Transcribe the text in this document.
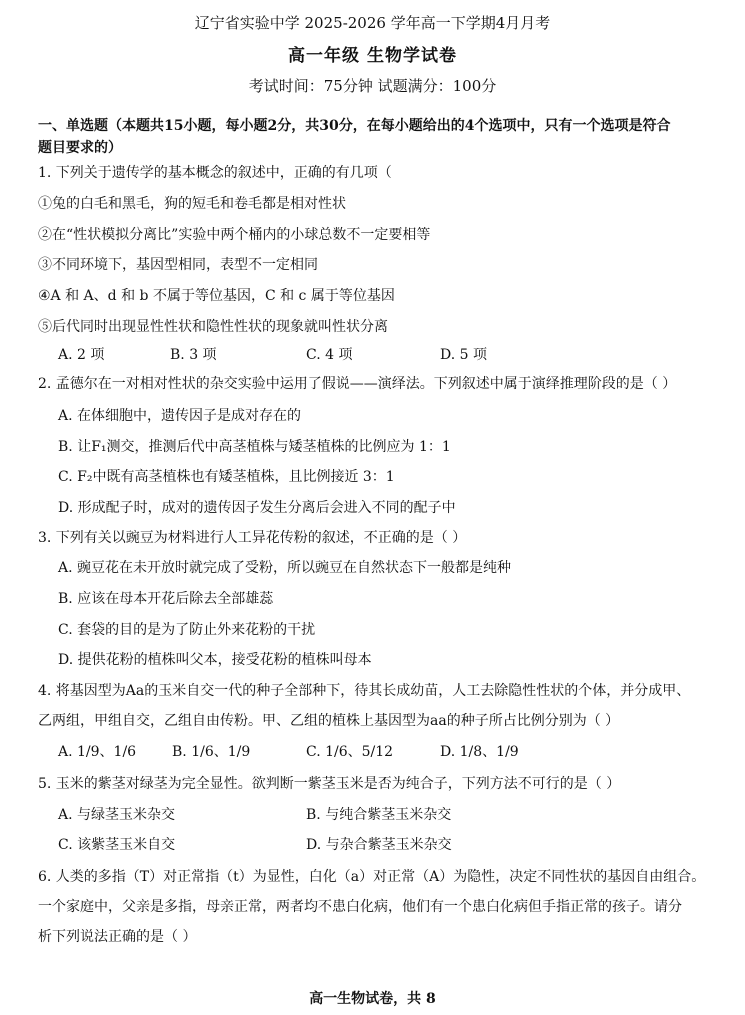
辽宁省实验中学 2025-2026 学年高一下学期4月月考
高一年级 生物学试卷
考试时间：75分钟 试题满分：100分
一、单选题（本题共15小题，每小题2分，共30分，在每小题给出的4个选项中，只有一个选项是符合
题目要求的）
1. 下列关于遗传学的基本概念的叙述中，正确的有几项（
①兔的白毛和黑毛，狗的短毛和卷毛都是相对性状
②在“性状模拟分离比”实验中两个桶内的小球总数不一定要相等
③不同环境下，基因型相同，表型不一定相同
④A 和 A、d 和 b 不属于等位基因，C 和 c 属于等位基因
⑤后代同时出现显性性状和隐性性状的现象就叫性状分离
A. 2 项	B. 3 项	C. 4 项	D. 5 项
2. 孟德尔在一对相对性状的杂交实验中运用了假说——演绎法。下列叙述中属于演绎推理阶段的是（ ）
A. 在体细胞中，遗传因子是成对存在的
B. 让F₁测交，推测后代中高茎植株与矮茎植株的比例应为 1：1
C. F₂中既有高茎植株也有矮茎植株，且比例接近 3：1
D. 形成配子时，成对的遗传因子发生分离后会进入不同的配子中
3. 下列有关以豌豆为材料进行人工异花传粉的叙述，不正确的是（ ）
A. 豌豆花在未开放时就完成了受粉，所以豌豆在自然状态下一般都是纯种
B. 应该在母本开花后除去全部雄蕊
C. 套袋的目的是为了防止外来花粉的干扰
D. 提供花粉的植株叫父本，接受花粉的植株叫母本
4. 将基因型为Aa的玉米自交一代的种子全部种下，待其长成幼苗，人工去除隐性性状的个体，并分成甲、
乙两组，甲组自交，乙组自由传粉。甲、乙组的植株上基因型为aa的种子所占比例分别为（ ）
A. 1/9、1/6	B. 1/6、1/9	C. 1/6、5/12	D. 1/8、1/9
5. 玉米的紫茎对绿茎为完全显性。欲判断一紫茎玉米是否为纯合子，下列方法不可行的是（ ）
A. 与绿茎玉米杂交	B. 与纯合紫茎玉米杂交
C. 该紫茎玉米自交	D. 与杂合紫茎玉米杂交
6. 人类的多指（T）对正常指（t）为显性，白化（a）对正常（A）为隐性，决定不同性状的基因自由组合。
一个家庭中，父亲是多指，母亲正常，两者均不患白化病，他们有一个患白化病但手指正常的孩子。请分
析下列说法正确的是（ ）
高一生物试卷，共 8
